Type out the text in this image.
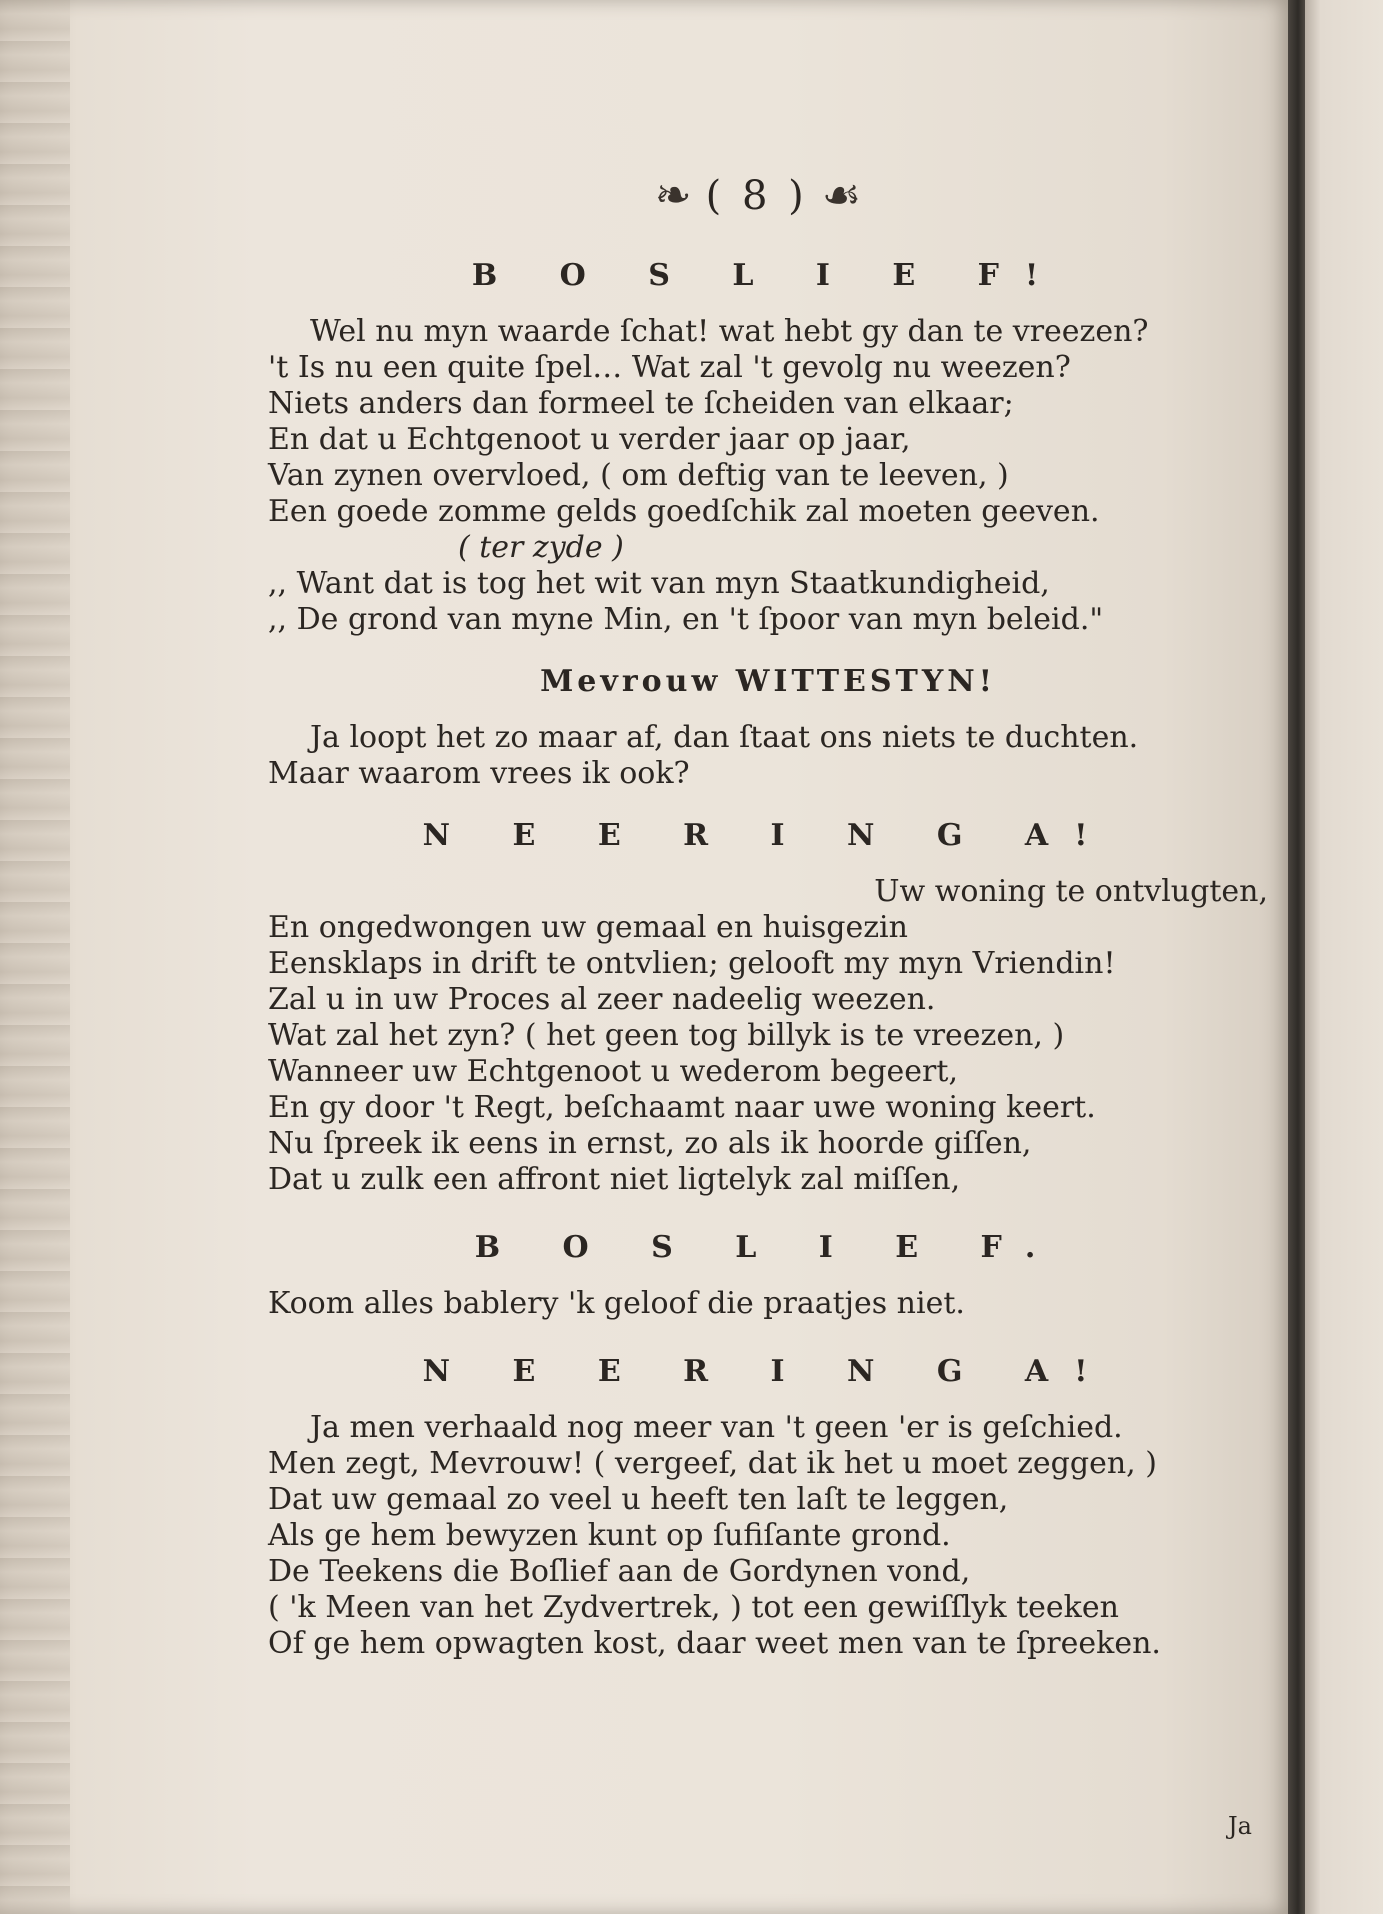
❧ ( 8 ) ☙
B O S L I E F!
Wel nu myn waarde ſchat! wat hebt gy dan te vreezen?
't Is nu een quite ſpel… Wat zal 't gevolg nu weezen?
Niets anders dan formeel te ſcheiden van elkaar;
En dat u Echtgenoot u verder jaar op jaar,
Van zynen overvloed, ( om deftig van te leeven, )
Een goede zomme gelds goedſchik zal moeten geeven.
( ter zyde )
,, Want dat is tog het wit van myn Staatkundigheid,
,, De grond van myne Min, en 't ſpoor van myn beleid."
Mevrouw WITTESTYN!
Ja loopt het zo maar af, dan ſtaat ons niets te duchten.
Maar waarom vrees ik ook?
N E E R I N G A!
Uw woning te ontvlugten,
En ongedwongen uw gemaal en huisgezin
Eensklaps in drift te ontvlien; gelooft my myn Vriendin!
Zal u in uw Proces al zeer nadeelig weezen.
Wat zal het zyn? ( het geen tog billyk is te vreezen, )
Wanneer uw Echtgenoot u wederom begeert,
En gy door 't Regt, beſchaamt naar uwe woning keert.
Nu ſpreek ik eens in ernst, zo als ik hoorde giſſen,
Dat u zulk een affront niet ligtelyk zal miſſen,
B O S L I E F.
Koom alles bablery 'k geloof die praatjes niet.
N E E R I N G A!
Ja men verhaald nog meer van 't geen 'er is geſchied.
Men zegt, Mevrouw! ( vergeef, dat ik het u moet zeggen, )
Dat uw gemaal zo veel u heeft ten laſt te leggen,
Als ge hem bewyzen kunt op ſufiſante grond.
De Teekens die Boſlief aan de Gordynen vond,
( 'k Meen van het Zydvertrek, ) tot een gewiſſlyk teeken
Of ge hem opwagten kost, daar weet men van te ſpreeken.
Ja
